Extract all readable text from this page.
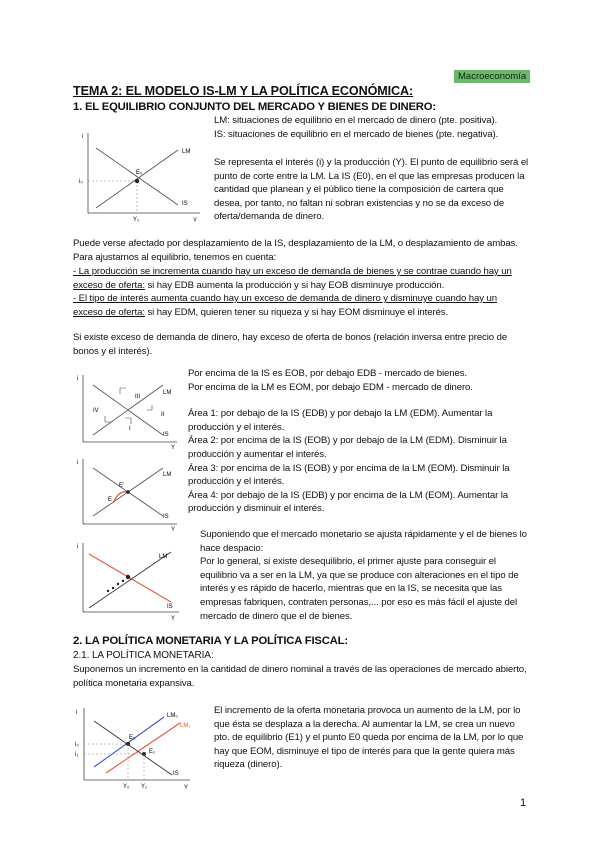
Macroeconomía
TEMA 2: EL MODELO IS-LM Y LA POLÍTICA ECONÓMICA:
1. EL EQUILIBRIO CONJUNTO DEL MERCADO Y BIENES DE DINERO:
i
Y
E₀
LM
IS
i₀
Y₀

LM: situaciones de equilibrio en el mercado de dinero (pte. positiva).

IS: situaciones de equilibrio en el mercado de bienes (pte. negativa).

Se representa el interés (i) y la producción (Y). El punto de equilibrio será el punto de corte entre la LM. La IS (E0), en el que las empresas producen la cantidad que planean y el público tiene la composición de cartera que desea, por tanto, no faltan ni sobran existencias y no se da exceso de oferta/demanda de dinero.
Puede verse afectado por desplazamiento de la IS, desplazamiento de la LM, o desplazamiento de ambas. Para ajustarnos al equilibrio, tenemos en cuenta:
- La producción se incrementa cuando hay un exceso de demanda de bienes y se contrae cuando hay un exceso de oferta: si hay EDB aumenta la producción y si hay EOB disminuye producción.
- El tipo de interés aumenta cuando hay un exceso de demanda de dinero y disminuye cuando hay un exceso de oferta: si hay EDM, quieren tener su riqueza y si hay EOM disminuye el interés.
Si existe exceso de demanda de dinero, hay exceso de oferta de bonos (relación inversa entre precio de bonos y el interés).
i
Y
LM
IS
III
II
I
IV
i
Y
LM
IS
E'
E

Por encima de la IS es EOB, por debajo EDB - mercado de bienes.

Por encima de la LM es EOM, por debajo EDM - mercado de dinero.

Área 1: por debajo de la IS (EDB) y por debajo la LM (EDM). Aumentar la producción y el interés.

Área 2: por encima de la IS (EOB) y por debajo de la LM (EDM). Disminuir la producción y aumentar el interés.

Área 3: por encima de la IS (EOB) y por encima de la LM (EOM). Disminuir la producción y el interés.

Área 4: por debajo de la IS (EDB) y por encima de la LM (EOM). Aumentar la producción y disminuir el interés.

i
Y
LM
IS

Suponiendo que el mercado monetario se ajusta rápidamente y el de bienes lo hace despacio:

Por lo general, si existe desequilibrio, el primer ajuste para conseguir el equilibrio va a ser en la LM, ya que se produce con alteraciones en el tipo de interés y es rápido de hacerlo, mientras que en la IS, se necesita que las empresas fabriquen, contraten personas,... por eso es más fácil el ajuste del mercado de dinero que el de bienes.

2. LA POLÍTICA MONETARIA Y LA POLÍTICA FISCAL:
2.1. LA POLÍTICA MONETARIA:
Suponemos un incremento en la cantidad de dinero nominal a través de las operaciones de mercado abierto, política monetaria expansiva.
i
Y
LM₀
LM₁
IS
E₀
E₁
i₀
i₁
Y₀ Y₁
El incremento de la oferta monetaria provoca un aumento de la LM, por lo que ésta se desplaza a la derecha. Al aumentar la LM, se crea un nuevo pto. de equilibrio (E1) y el punto E0 queda por encima de la LM, por lo que hay que EOM, disminuye el tipo de interés para que la gente quiera más riqueza (dinero).
1
